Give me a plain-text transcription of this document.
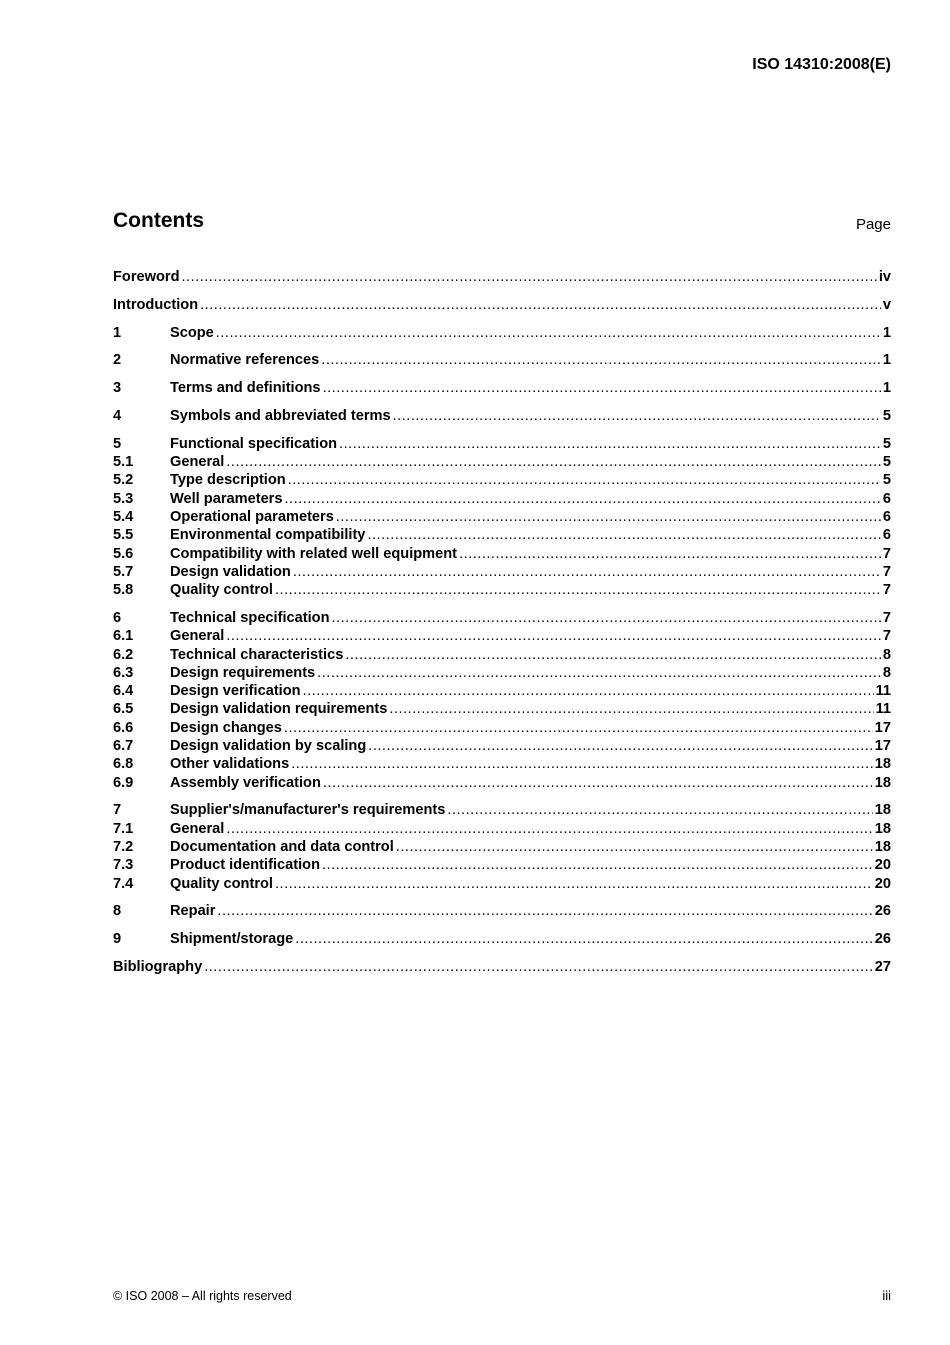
ISO 14310:2008(E)
Contents	Page
Foreword .....	iv
Introduction .....	v
1	Scope .....	1
2	Normative references .....	1
3	Terms and definitions .....	1
4	Symbols and abbreviated terms .....	5
5	Functional specification .....	5
5.1	General .....	5
5.2	Type description .....	5
5.3	Well parameters .....	6
5.4	Operational parameters .....	6
5.5	Environmental compatibility .....	6
5.6	Compatibility with related well equipment .....	7
5.7	Design validation .....	7
5.8	Quality control .....	7
6	Technical specification .....	7
6.1	General .....	7
6.2	Technical characteristics .....	8
6.3	Design requirements .....	8
6.4	Design verification .....	11
6.5	Design validation requirements .....	11
6.6	Design changes .....	17
6.7	Design validation by scaling .....	17
6.8	Other validations .....	18
6.9	Assembly verification .....	18
7	Supplier's/manufacturer's requirements .....	18
7.1	General .....	18
7.2	Documentation and data control .....	18
7.3	Product identification .....	20
7.4	Quality control .....	20
8	Repair .....	26
9	Shipment/storage .....	26
Bibliography .....	27
© ISO 2008 – All rights reserved	iii
